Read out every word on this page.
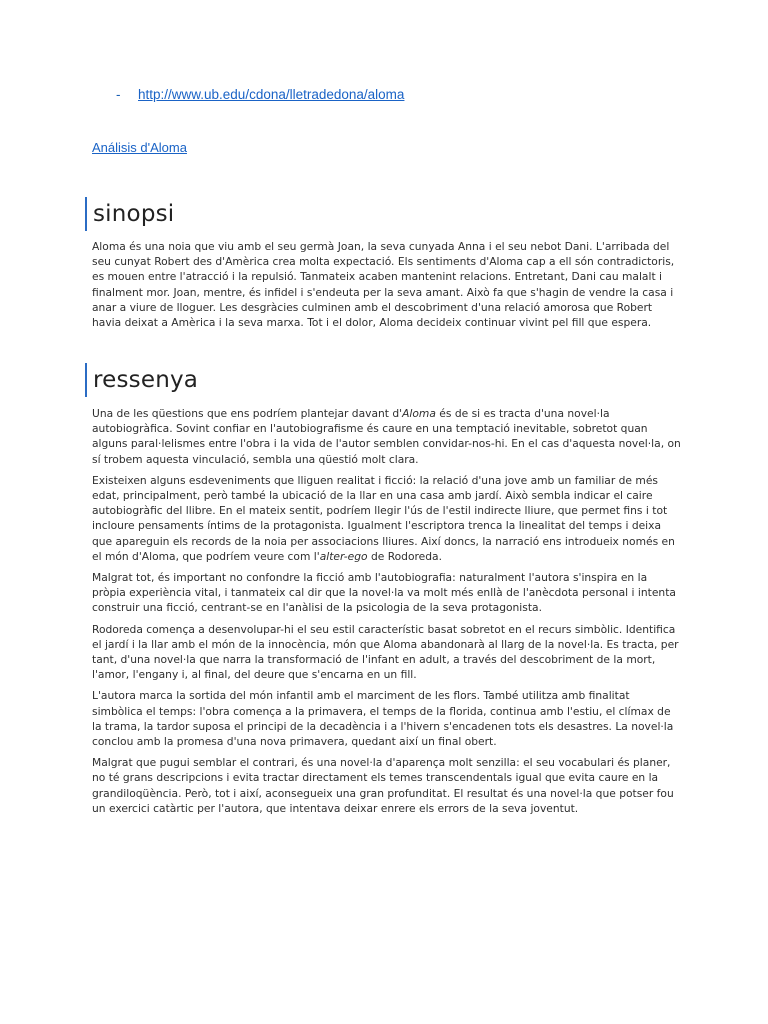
- http://www.ub.edu/cdona/lletradedona/aloma
Análisis d'Aloma
sinopsi

Aloma és una noia que viu amb el seu germà Joan, la seva cunyada Anna i el seu nebot Dani. L'arribada del seu cunyat Robert des d'Amèrica crea molta expectació. Els sentiments d'Aloma cap a ell són contradictoris, es mouen entre l'atracció i la repulsió. Tanmateix acaben mantenint relacions. Entretant, Dani cau malalt i finalment mor. Joan, mentre, és infidel i s'endeuta per la seva amant. Això fa que s'hagin de vendre la casa i anar a viure de lloguer. Les desgràcies culminen amb el descobriment d'una relació amorosa que Robert havia deixat a Amèrica i la seva marxa. Tot i el dolor, Aloma decideix continuar vivint pel fill que espera.

ressenya

Una de les qüestions que ens podríem plantejar davant d'Aloma és de si es tracta d'una novel·la autobiogràfica. Sovint confiar en l'autobiografisme és caure en una temptació inevitable, sobretot quan alguns paral·lelismes entre l'obra i la vida de l'autor semblen convidar-nos-hi. En el cas d'aquesta novel·la, on sí trobem aquesta vinculació, sembla una qüestió molt clara.

Existeixen alguns esdeveniments que lliguen realitat i ficció: la relació d'una jove amb un familiar de més edat, principalment, però també la ubicació de la llar en una casa amb jardí. Això sembla indicar el caire autobiogràfic del llibre. En el mateix sentit, podríem llegir l'ús de l'estil indirecte lliure, que permet fins i tot incloure pensaments íntims de la protagonista. Igualment l'escriptora trenca la linealitat del temps i deixa que apareguin els records de la noia per associacions lliures. Així doncs, la narració ens introdueix només en el món d'Aloma, que podríem veure com l'alter-ego de Rodoreda.

Malgrat tot, és important no confondre la ficció amb l'autobiografia: naturalment l'autora s'inspira en la pròpia experiència vital, i tanmateix cal dir que la novel·la va molt més enllà de l'anècdota personal i intenta construir una ficció, centrant-se en l'anàlisi de la psicologia de la seva protagonista.

Rodoreda comença a desenvolupar-hi el seu estil característic basat sobretot en el recurs simbòlic. Identifica el jardí i la llar amb el món de la innocència, món que Aloma abandonarà al llarg de la novel·la. Es tracta, per tant, d'una novel·la que narra la transformació de l'infant en adult, a través del descobriment de la mort, l'amor, l'engany i, al final, del deure que s'encarna en un fill.

L'autora marca la sortida del món infantil amb el marciment de les flors. També utilitza amb finalitat simbòlica el temps: l'obra comença a la primavera, el temps de la florida, continua amb l'estiu, el clímax de la trama, la tardor suposa el principi de la decadència i a l'hivern s'encadenen tots els desastres. La novel·la conclou amb la promesa d'una nova primavera, quedant així un final obert.

Malgrat que pugui semblar el contrari, és una novel·la d'aparença molt senzilla: el seu vocabulari és planer, no té grans descripcions i evita tractar directament els temes transcendentals igual que evita caure en la grandiloqüència. Però, tot i així, aconsegueix una gran profunditat. El resultat és una novel·la que potser fou un exercici catàrtic per l'autora, que intentava deixar enrere els errors de la seva joventut.
